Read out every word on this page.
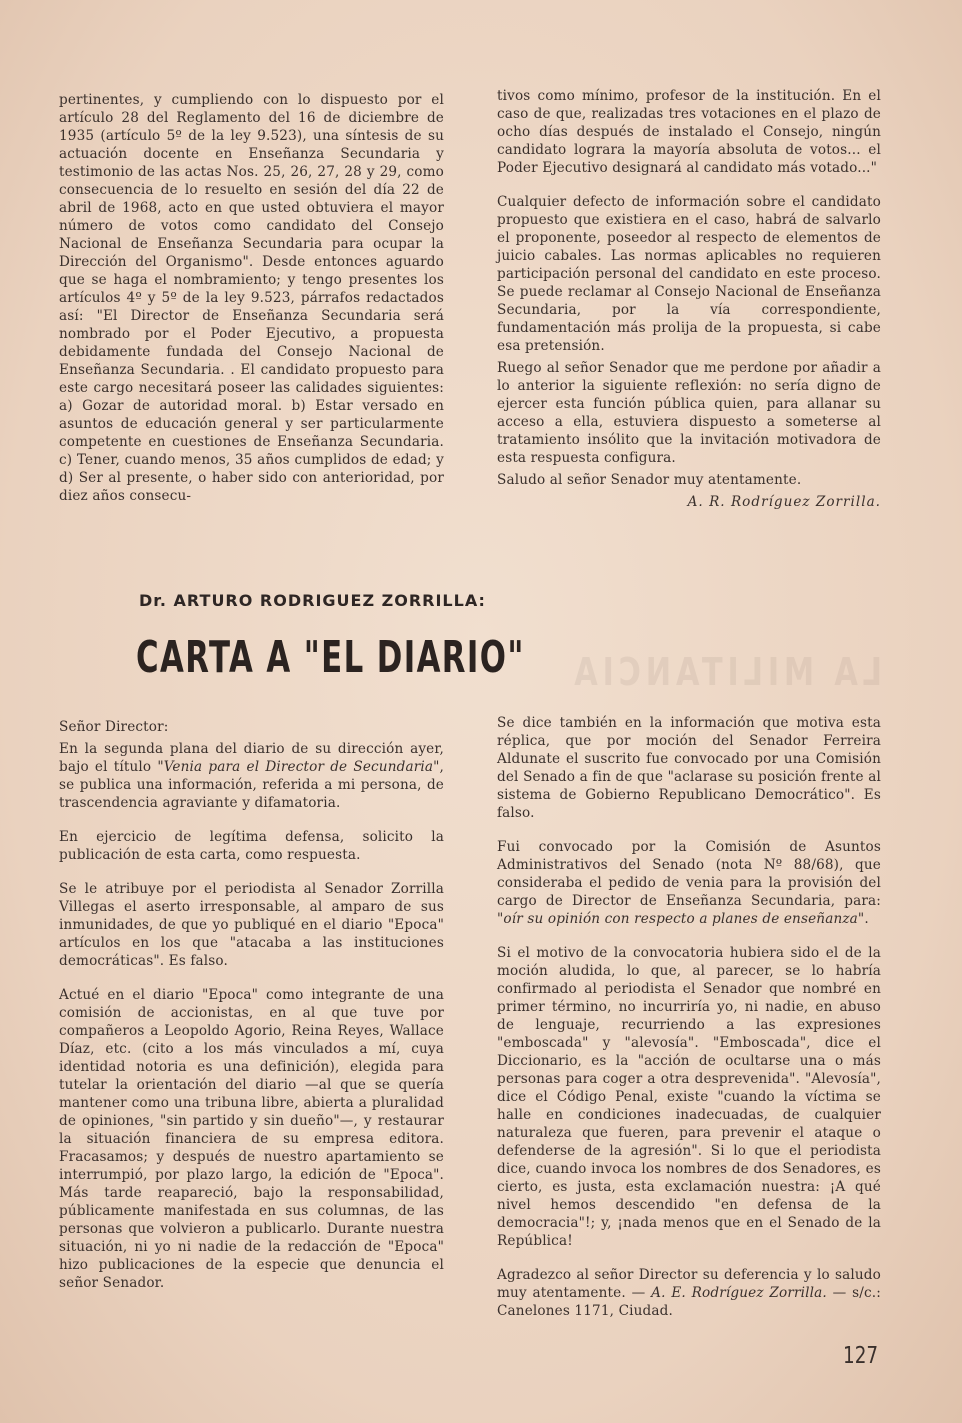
pertinentes, y cumpliendo con lo dispuesto por el artículo 28 del Reglamento del 16 de diciembre de 1935 (artículo 5º de la ley 9.523), una síntesis de su actuación docente en Enseñanza Secundaria y testimonio de las actas Nos. 25, 26, 27, 28 y 29, como consecuencia de lo resuelto en sesión del día 22 de abril de 1968, acto en que usted obtuviera el mayor número de votos como candidato del Consejo Nacional de Enseñanza Secundaria para ocupar la Dirección del Organismo". Desde entonces aguardo que se haga el nombramiento; y tengo presentes los artículos 4º y 5º de la ley 9.523, párrafos redactados así: "El Director de Enseñanza Secundaria será nombrado por el Poder Ejecutivo, a propuesta debidamente fundada del Consejo Nacional de Enseñanza Secundaria. . El candidato propuesto para este cargo necesitará poseer las calidades siguientes: a) Gozar de autoridad moral. b) Estar versado en asuntos de educación general y ser particularmente competente en cuestiones de Enseñanza Secundaria. c) Tener, cuando menos, 35 años cumplidos de edad; y d) Ser al presente, o haber sido con anterioridad, por diez años consecu-

tivos como mínimo, profesor de la institución. En el caso de que, realizadas tres votaciones en el plazo de ocho días después de instalado el Consejo, ningún candidato lograra la mayoría absoluta de votos... el Poder Ejecutivo designará al candidato más votado..."

Cualquier defecto de información sobre el candidato propuesto que existiera en el caso, habrá de salvarlo el proponente, poseedor al respecto de elementos de juicio cabales. Las normas aplicables no requieren participación personal del candidato en este proceso. Se puede reclamar al Consejo Nacional de Enseñanza Secundaria, por la vía correspondiente, fundamentación más prolija de la propuesta, si cabe esa pretensión.

Ruego al señor Senador que me perdone por añadir a lo anterior la siguiente reflexión: no sería digno de ejercer esta función pública quien, para allanar su acceso a ella, estuviera dispuesto a someterse al tratamiento insólito que la invitación motivadora de esta respuesta configura.

Saludo al señor Senador muy atentamente.

A. R. Rodríguez Zorrilla.
Dr. ARTURO RODRIGUEZ ZORRILLA:
CARTA A "EL DIARIO" LA MILITANCIA

Señor Director:

En la segunda plana del diario de su dirección ayer, bajo el título "Venia para el Director de Secundaria", se publica una información, referida a mi persona, de trascendencia agraviante y difamatoria.

En ejercicio de legítima defensa, solicito la publicación de esta carta, como respuesta.

Se le atribuye por el periodista al Senador Zorrilla Villegas el aserto irresponsable, al amparo de sus inmunidades, de que yo publiqué en el diario "Epoca" artículos en los que "atacaba a las instituciones democráticas". Es falso.

Actué en el diario "Epoca" como integrante de una comisión de accionistas, en al que tuve por compañeros a Leopoldo Agorio, Reina Reyes, Wallace Díaz, etc. (cito a los más vinculados a mí, cuya identidad notoria es una definición), elegida para tutelar la orientación del diario —al que se quería mantener como una tribuna libre, abierta a pluralidad de opiniones, "sin partido y sin dueño"—, y restaurar la situación financiera de su empresa editora. Fracasamos; y después de nuestro apartamiento se interrumpió, por plazo largo, la edición de "Epoca". Más tarde reapareció, bajo la responsabilidad, públicamente manifestada en sus columnas, de las personas que volvieron a publicarlo. Durante nuestra situación, ni yo ni nadie de la redacción de "Epoca" hizo publicaciones de la especie que denuncia el señor Senador.

Se dice también en la información que motiva esta réplica, que por moción del Senador Ferreira Aldunate el suscrito fue convocado por una Comisión del Senado a fin de que "aclarase su posición frente al sistema de Gobierno Republicano Democrático". Es falso.

Fui convocado por la Comisión de Asuntos Administrativos del Senado (nota Nº 88/68), que consideraba el pedido de venia para la provisión del cargo de Director de Enseñanza Secundaria, para: "oír su opinión con respecto a planes de enseñanza".

Si el motivo de la convocatoria hubiera sido el de la moción aludida, lo que, al parecer, se lo habría confirmado al periodista el Senador que nombré en primer término, no incurriría yo, ni nadie, en abuso de lenguaje, recurriendo a las expresiones "emboscada" y "alevosía". "Emboscada", dice el Diccionario, es la "acción de ocultarse una o más personas para coger a otra desprevenida". "Alevosía", dice el Código Penal, existe "cuando la víctima se halle en condiciones inadecuadas, de cualquier naturaleza que fueren, para prevenir el ataque o defenderse de la agresión". Si lo que el periodista dice, cuando invoca los nombres de dos Senadores, es cierto, es justa, esta exclamación nuestra: ¡A qué nivel hemos descendido "en defensa de la democracia"!; y, ¡nada menos que en el Senado de la República!

Agradezco al señor Director su deferencia y lo saludo muy atentamente. — A. E. Rodríguez Zorrilla. — s/c.: Canelones 1171, Ciudad.

127
